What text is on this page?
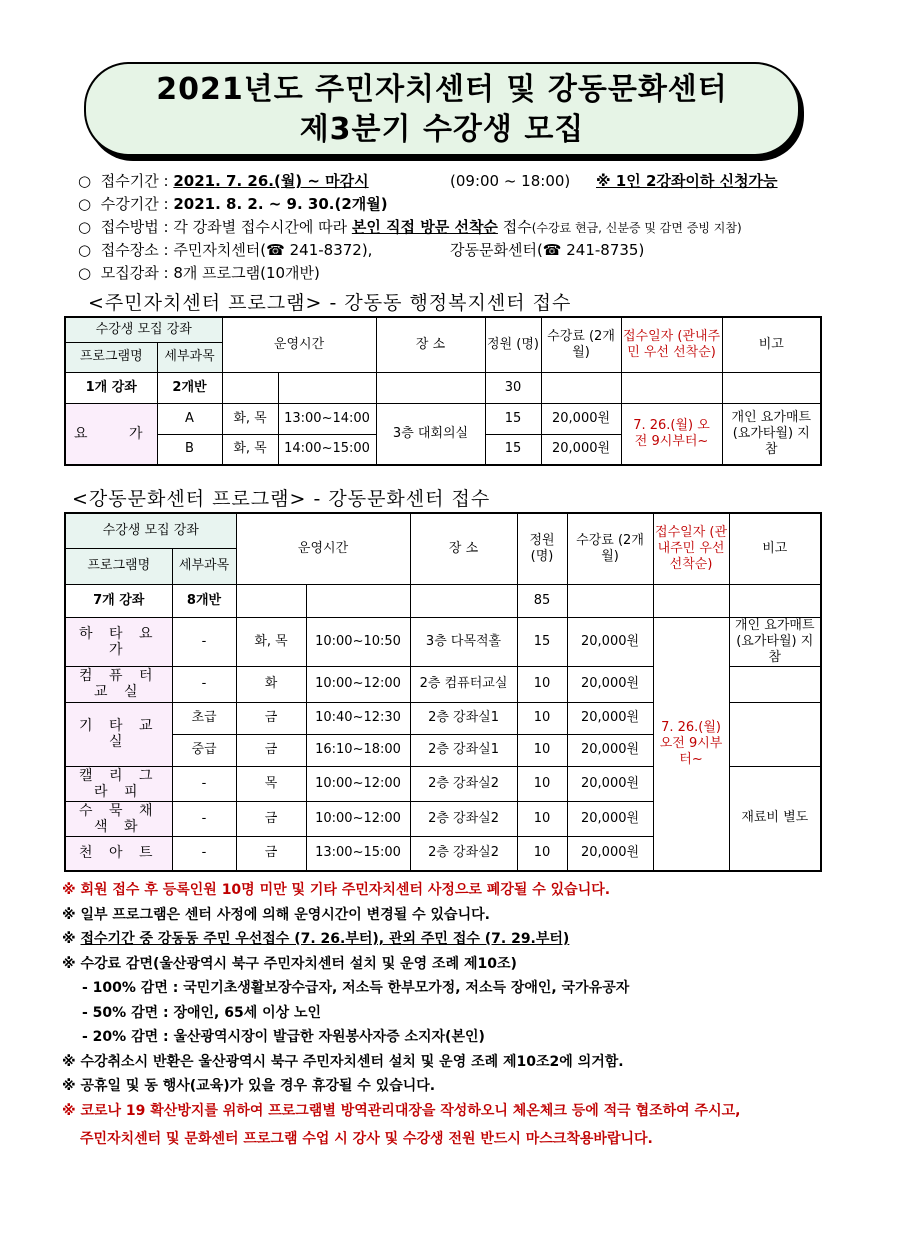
2021년도 주민자치센터 및 강동문화센터
제3분기 수강생 모집
○ 접수기간 : 2021. 7. 26.(월) ~ 마감시	(09:00 ~ 18:00) ※ 1인 2강좌이하 신청가능
○ 수강기간 : 2021. 8. 2. ~ 9. 30.(2개월)
○ 접수방법 : 각 강좌별 접수시간에 따라 본인 직접 방문 선착순 접수(수강료 현금, 신분증 및 감면 증빙 지참)
○ 접수장소 : 주민자치센터(☎ 241-8372),	강동문화센터(☎ 241-8735)
○ 모집강좌 : 8개 프로그램(10개반)
<주민자치센터 프로그램> - 강동동 행정복지센터 접수
수강생 모집 강좌		운영시간		장 소	정원 (명)	수강료 (2개월)	접수일자 (관내주민 우선 선착순)	비고
프로그램명	세부과목							
1개 강좌	2개반				30			
요 가	A	화, 목	13:00~14:00	3층 대회의실	15	20,000원	7. 26.(월) 오전 9시부터~	개인 요가매트 (요가타월) 지참
	B	화, 목	14:00~15:00		15	20,000원		
<강동문화센터 프로그램> - 강동문화센터 접수
수강생 모집 강좌		운영시간		장 소	정원 (명)	수강료 (2개월)	접수일자 (관내주민 우선 선착순)	비고
프로그램명	세부과목							
7개 강좌	8개반				85			
하 타 요 가	-	화, 목	10:00~10:50	3층 다목적홀	15	20,000원	7. 26.(월) 오전 9시부터~	개인 요가매트 (요가타월) 지참
컴 퓨 터 교 실	-	화	10:00~12:00	2층 컴퓨터교실	10	20,000원		
기 타 교 실	초급	금	10:40~12:30	2층 강좌실1	10	20,000원		
	중급	금	16:10~18:00	2층 강좌실1	10	20,000원		
캘 리 그 라 피	-	목	10:00~12:00	2층 강좌실2	10	20,000원		재료비 별도
수 묵 채 색 화	-	금	10:00~12:00	2층 강좌실2	10	20,000원		
천 아 트	-	금	13:00~15:00	2층 강좌실2	10	20,000원		
※ 회원 접수 후 등록인원 10명 미만 및 기타 주민자치센터 사정으로 폐강될 수 있습니다.
※ 일부 프로그램은 센터 사정에 의해 운영시간이 변경될 수 있습니다.
※ 접수기간 중 강동동 주민 우선접수 (7. 26.부터), 관외 주민 접수 (7. 29.부터)
※ 수강료 감면(울산광역시 북구 주민자치센터 설치 및 운영 조례 제10조)
- 100% 감면 : 국민기초생활보장수급자, 저소득 한부모가정, 저소득 장애인, 국가유공자
- 50% 감면 : 장애인, 65세 이상 노인
- 20% 감면 : 울산광역시장이 발급한 자원봉사자증 소지자(본인)
※ 수강취소시 반환은 울산광역시 북구 주민자치센터 설치 및 운영 조례 제10조2에 의거함.
※ 공휴일 및 동 행사(교육)가 있을 경우 휴강될 수 있습니다.
※ 코로나 19 확산방지를 위하여 프로그램별 방역관리대장을 작성하오니 체온체크 등에 적극 협조하여 주시고,
주민자치센터 및 문화센터 프로그램 수업 시 강사 및 수강생 전원 반드시 마스크착용바랍니다.
